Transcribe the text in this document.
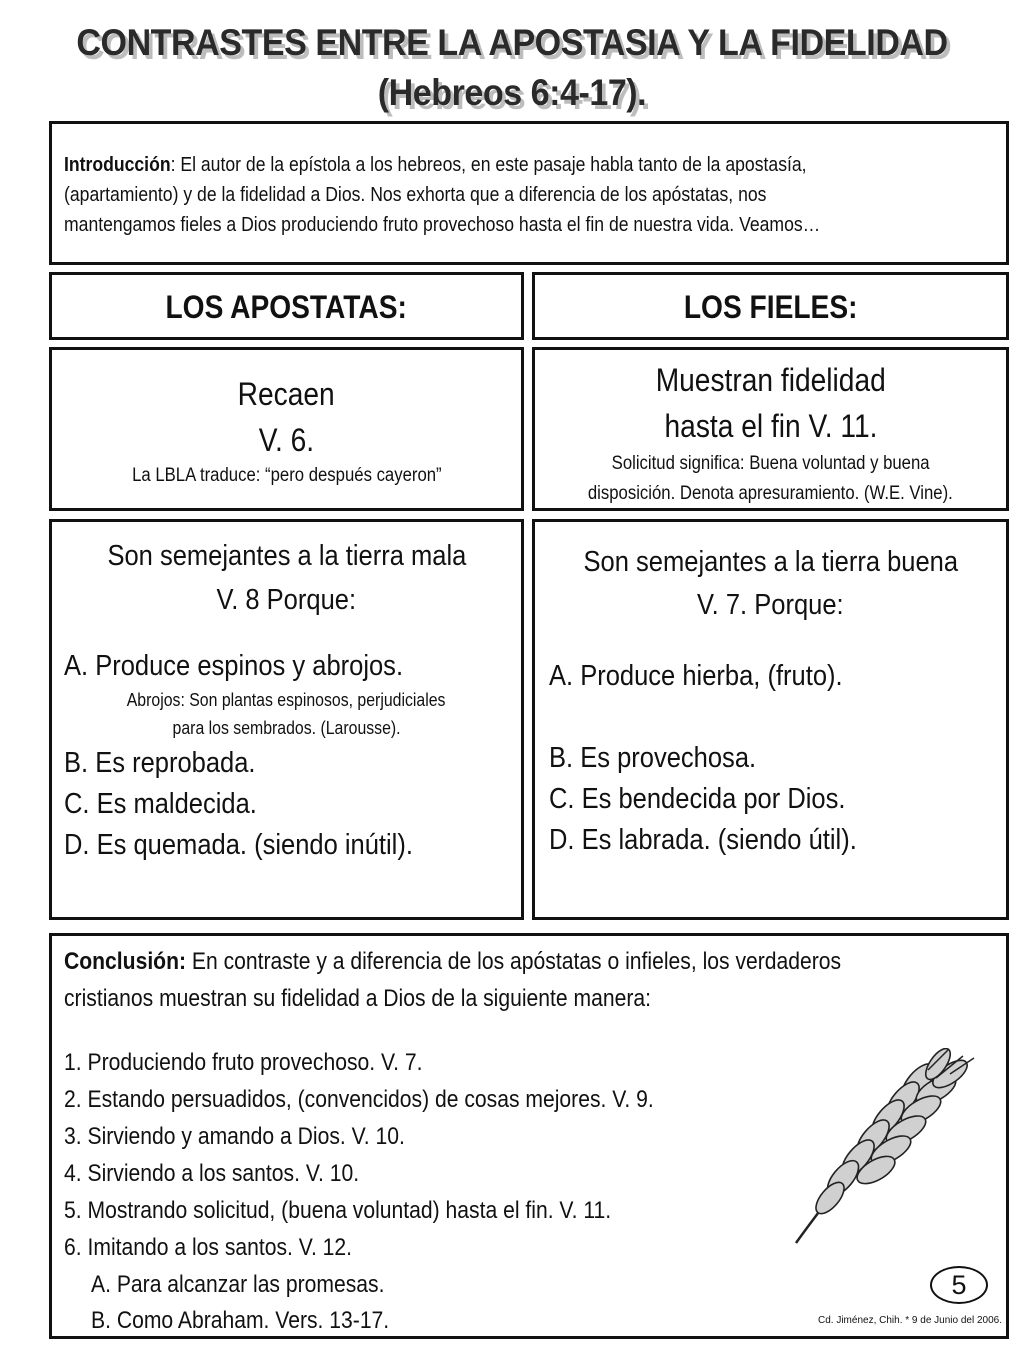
CONTRASTES ENTRE LA APOSTASIA Y LA FIDELIDAD
(Hebreos 6:4-17).
Introducción: El autor de la epístola a los hebreos, en este pasaje habla tanto de la apostasía,
(apartamiento) y de la fidelidad a Dios. Nos exhorta que a diferencia de los apóstatas, nos
mantengamos fieles a Dios produciendo fruto provechoso hasta el fin de nuestra vida. Veamos…
LOS APOSTATAS:	LOS FIELES:
Recaen
V. 6.
La LBLA traduce: “pero después cayeron”
Muestran fidelidad
hasta el fin V. 11.
Solicitud significa: Buena voluntad y buena
disposición. Denota apresuramiento. (W.E. Vine).
Son semejantes a la tierra mala
V. 8 Porque:
A. Produce espinos y abrojos.
Abrojos: Son plantas espinosos, perjudiciales
para los sembrados. (Larousse).
B. Es reprobada.
C. Es maldecida.
D. Es quemada. (siendo inútil).
Son semejantes a la tierra buena
V. 7. Porque:
A. Produce hierba, (fruto).
B. Es provechosa.
C. Es bendecida por Dios.
D. Es labrada. (siendo útil).
Conclusión: En contraste y a diferencia de los apóstatas o infieles, los verdaderos
cristianos muestran su fidelidad a Dios de la siguiente manera:
1. Produciendo fruto provechoso. V. 7.
2. Estando persuadidos, (convencidos) de cosas mejores. V. 9.
3. Sirviendo y amando a Dios. V. 10.
4. Sirviendo a los santos. V. 10.
5. Mostrando solicitud, (buena voluntad) hasta el fin. V. 11.
6. Imitando a los santos. V. 12.
A. Para alcanzar las promesas.
B. Como Abraham. Vers. 13-17.
5
Cd. Jiménez, Chih. * 9 de Junio del 2006.
